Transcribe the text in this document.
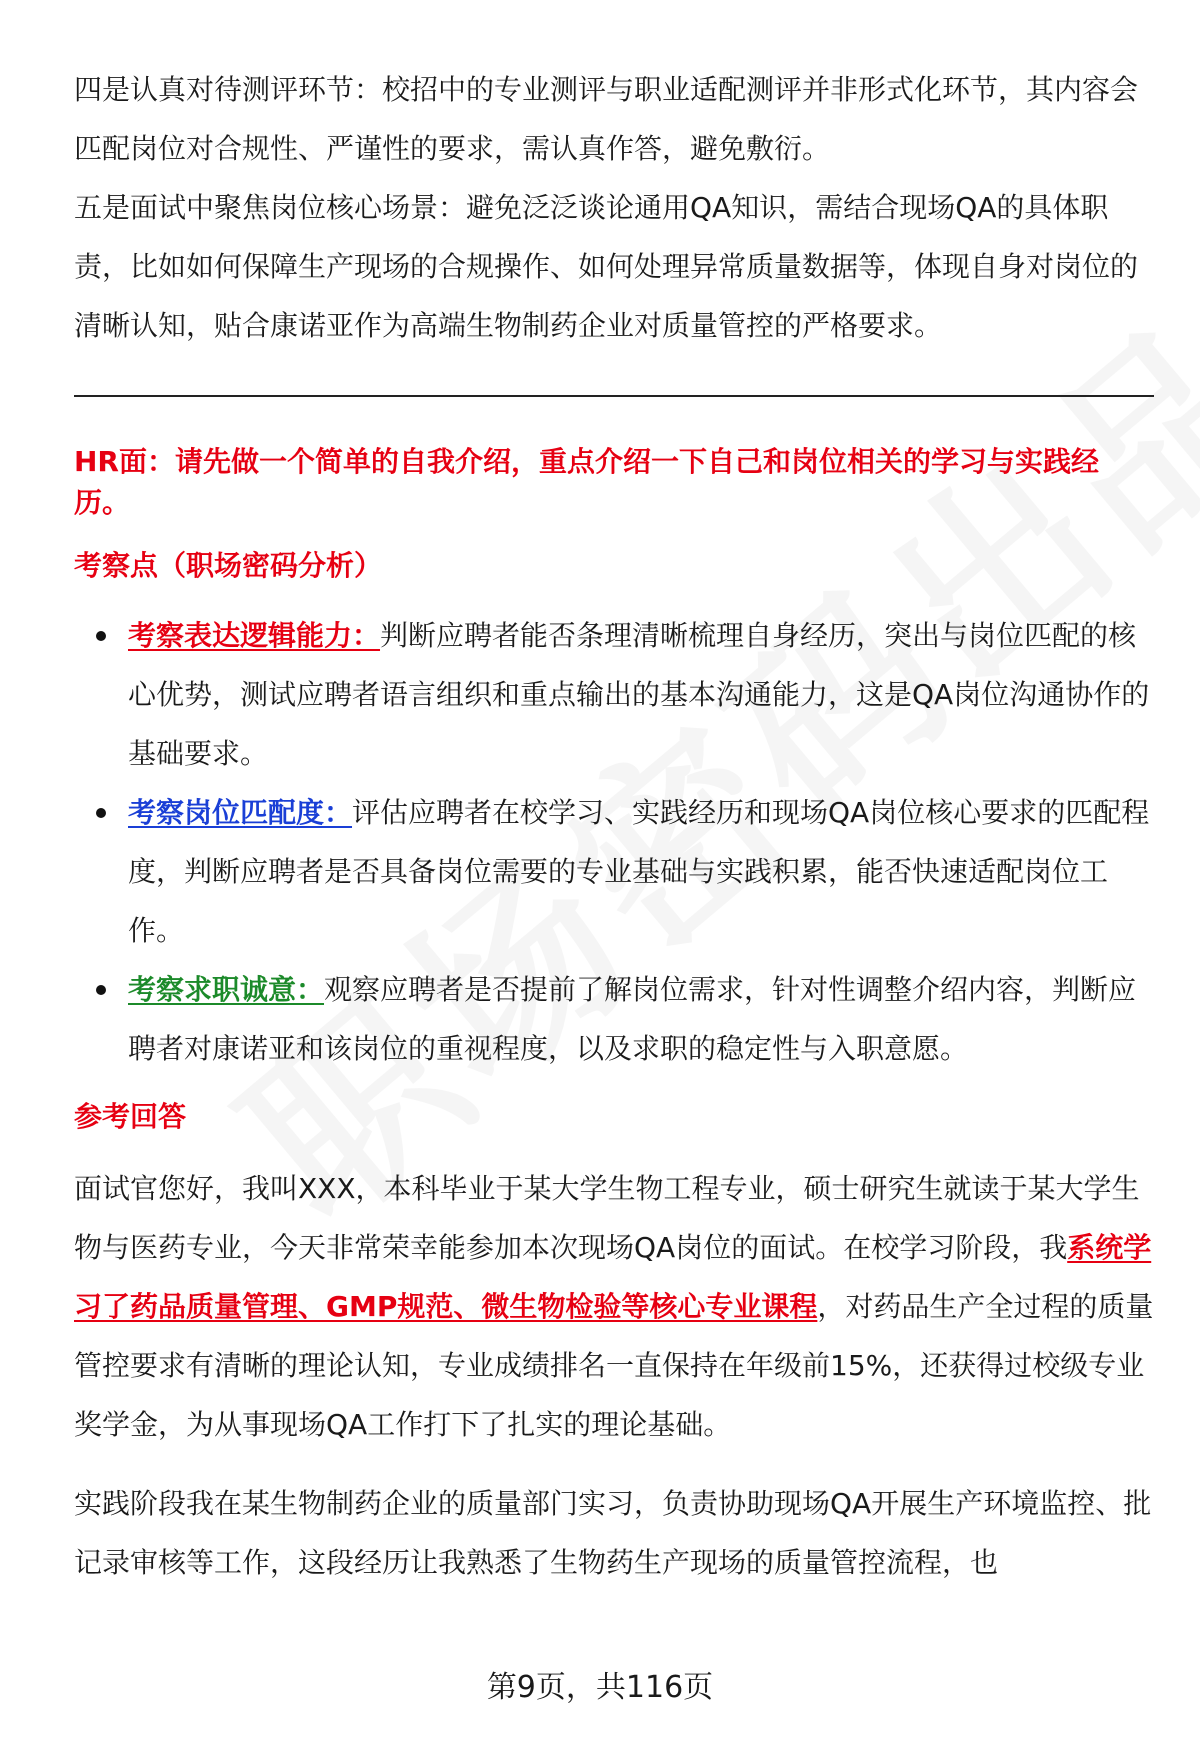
四是认真对待测评环节：校招中的专业测评与职业适配测评并非形式化环节，其内容会匹配岗位对合规性、严谨性的要求，需认真作答，避免敷衍。

五是面试中聚焦岗位核心场景：避免泛泛谈论通用QA知识，需结合现场QA的具体职责，比如如何保障生产现场的合规操作、如何处理异常质量数据等，体现自身对岗位的清晰认知，贴合康诺亚作为高端生物制药企业对质量管控的严格要求。

HR面：请先做一个简单的自我介绍，重点介绍一下自己和岗位相关的学习与实践经历。
考察点（职场密码分析）
考察表达逻辑能力：判断应聘者能否条理清晰梳理自身经历，突出与岗位匹配的核心优势，测试应聘者语言组织和重点输出的基本沟通能力，这是QA岗位沟通协作的基础要求。
考察岗位匹配度：评估应聘者在校学习、实践经历和现场QA岗位核心要求的匹配程度，判断应聘者是否具备岗位需要的专业基础与实践积累，能否快速适配岗位工作。
考察求职诚意：观察应聘者是否提前了解岗位需求，针对性调整介绍内容，判断应聘者对康诺亚和该岗位的重视程度，以及求职的稳定性与入职意愿。
参考回答

面试官您好，我叫XXX，本科毕业于某大学生物工程专业，硕士研究生就读于某大学生物与医药专业，今天非常荣幸能参加本次现场QA岗位的面试。在校学习阶段，我系统学习了药品质量管理、GMP规范、微生物检验等核心专业课程，对药品生产全过程的质量管控要求有清晰的理论认知，专业成绩排名一直保持在年级前15%，还获得过校级专业奖学金，为从事现场QA工作打下了扎实的理论基础。

实践阶段我在某生物制药企业的质量部门实习，负责协助现场QA开展生产环境监控、批记录审核等工作，这段经历让我熟悉了生物药生产现场的质量管控流程，也

第9页，共116页
